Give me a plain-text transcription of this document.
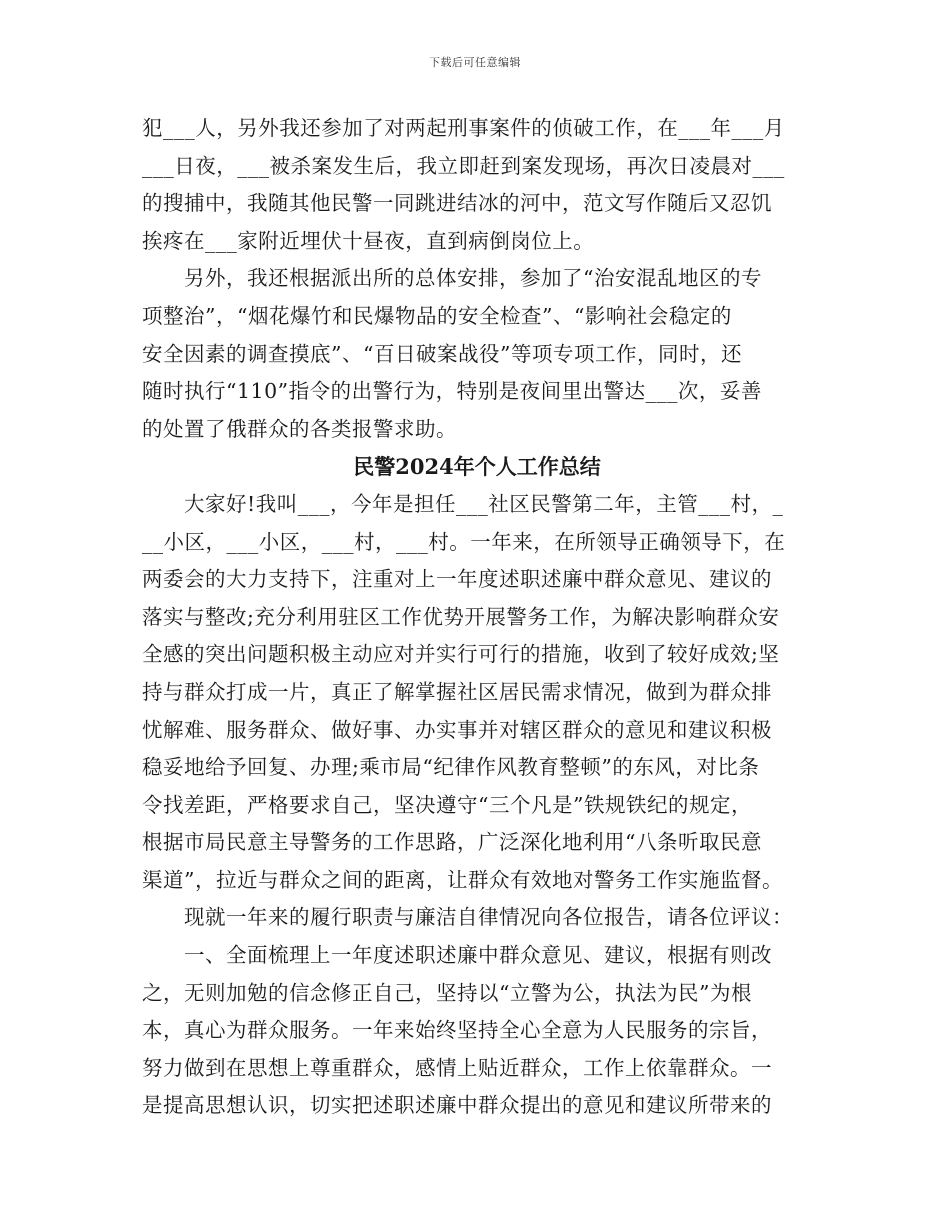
下载后可任意编辑
犯___人，另外我还参加了对两起刑事案件的侦破工作，在___年___月
___日夜，___被杀案发生后，我立即赶到案发现场，再次日凌晨对___
的搜捕中，我随其他民警一同跳进结冰的河中，范文写作随后又忍饥
挨疼在___家附近埋伏十昼夜，直到病倒岗位上。
另外，我还根据派出所的总体安排，参加了“治安混乱地区的专
项整治”，“烟花爆竹和民爆物品的安全检查”、“影响社会稳定的
安全因素的调查摸底”、“百日破案战役”等项专项工作，同时，还
随时执行“110”指令的出警行为，特别是夜间里出警达___次，妥善
的处置了俄群众的各类报警求助。
民警2024年个人工作总结
大家好!我叫___，今年是担任___社区民警第二年，主管___村，_
__小区，___小区，___村，___村。一年来，在所领导正确领导下，在
两委会的大力支持下，注重对上一年度述职述廉中群众意见、建议的
落实与整改;充分利用驻区工作优势开展警务工作，为解决影响群众安
全感的突出问题积极主动应对并实行可行的措施，收到了较好成效;坚
持与群众打成一片，真正了解掌握社区居民需求情况，做到为群众排
忧解难、服务群众、做好事、办实事并对辖区群众的意见和建议积极
稳妥地给予回复、办理;乘市局“纪律作风教育整顿”的东风，对比条
令找差距，严格要求自己，坚决遵守“三个凡是”铁规铁纪的规定，
根据市局民意主导警务的工作思路，广泛深化地利用“八条听取民意
渠道”，拉近与群众之间的距离，让群众有效地对警务工作实施监督。
现就一年来的履行职责与廉洁自律情况向各位报告，请各位评议：
一、全面梳理上一年度述职述廉中群众意见、建议，根据有则改
之，无则加勉的信念修正自己，坚持以“立警为公，执法为民”为根
本，真心为群众服务。一年来始终坚持全心全意为人民服务的宗旨，
努力做到在思想上尊重群众，感情上贴近群众，工作上依靠群众。一
是提高思想认识，切实把述职述廉中群众提出的意见和建议所带来的
